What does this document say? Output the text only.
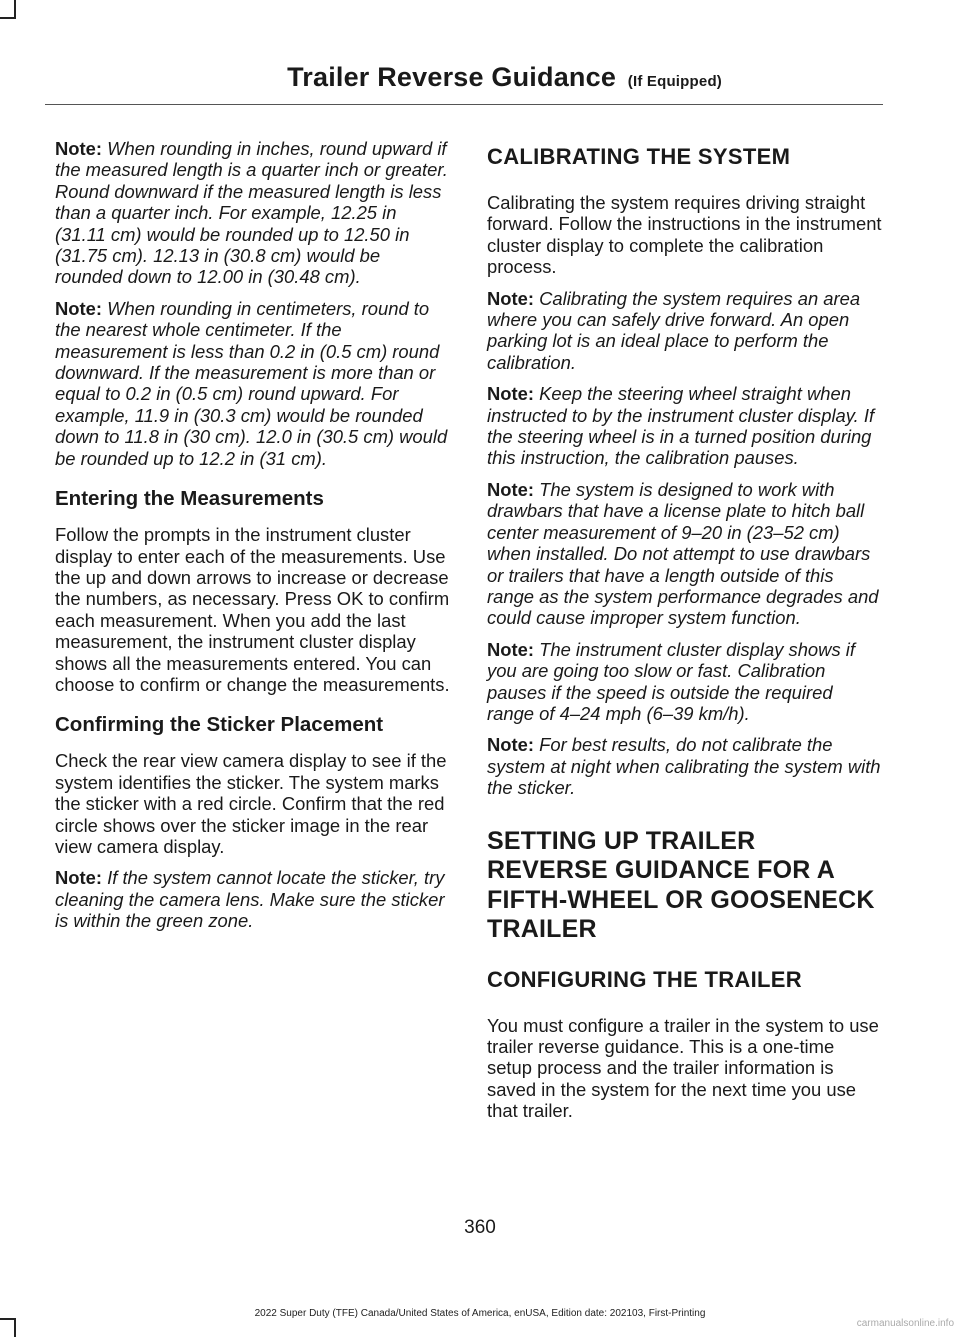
Trailer Reverse Guidance (If Equipped)

Note: When rounding in inches, round upward if the measured length is a quarter inch or greater. Round downward if the measured length is less than a quarter inch. For example, 12.25 in (31.11 cm) would be rounded up to 12.50 in (31.75 cm). 12.13 in (30.8 cm) would be rounded down to 12.00 in (30.48 cm).

Note: When rounding in centimeters, round to the nearest whole centimeter. If the measurement is less than 0.2 in (0.5 cm) round downward. If the measurement is more than or equal to 0.2 in (0.5 cm) round upward. For example, 11.9 in (30.3 cm) would be rounded down to 11.8 in (30 cm). 12.0 in (30.5 cm) would be rounded up to 12.2 in (31 cm).

Entering the Measurements

Follow the prompts in the instrument cluster display to enter each of the measurements. Use the up and down arrows to increase or decrease the numbers, as necessary. Press OK to confirm each measurement. When you add the last measurement, the instrument cluster display shows all the measurements entered. You can choose to confirm or change the measurements.

Confirming the Sticker Placement

Check the rear view camera display to see if the system identifies the sticker. The system marks the sticker with a red circle. Confirm that the red circle shows over the sticker image in the rear view camera display.

Note: If the system cannot locate the sticker, try cleaning the camera lens. Make sure the sticker is within the green zone.

CALIBRATING THE SYSTEM

Calibrating the system requires driving straight forward. Follow the instructions in the instrument cluster display to complete the calibration process.

Note: Calibrating the system requires an area where you can safely drive forward. An open parking lot is an ideal place to perform the calibration.

Note: Keep the steering wheel straight when instructed to by the instrument cluster display. If the steering wheel is in a turned position during this instruction, the calibration pauses.

Note: The system is designed to work with drawbars that have a license plate to hitch ball center measurement of 9–20 in (23–52 cm) when installed. Do not attempt to use drawbars or trailers that have a length outside of this range as the system performance degrades and could cause improper system function.

Note: The instrument cluster display shows if you are going too slow or fast. Calibration pauses if the speed is outside the required range of 4–24 mph (6–39 km/h).

Note: For best results, do not calibrate the system at night when calibrating the system with the sticker.

SETTING UP TRAILER REVERSE GUIDANCE FOR A FIFTH-WHEEL OR GOOSENECK TRAILER
CONFIGURING THE TRAILER

You must configure a trailer in the system to use trailer reverse guidance. This is a one-time setup process and the trailer information is saved in the system for the next time you use that trailer.

360
2022 Super Duty (TFE) Canada/United States of America, enUSA, Edition date: 202103, First-Printing
carmanualsonline.info
